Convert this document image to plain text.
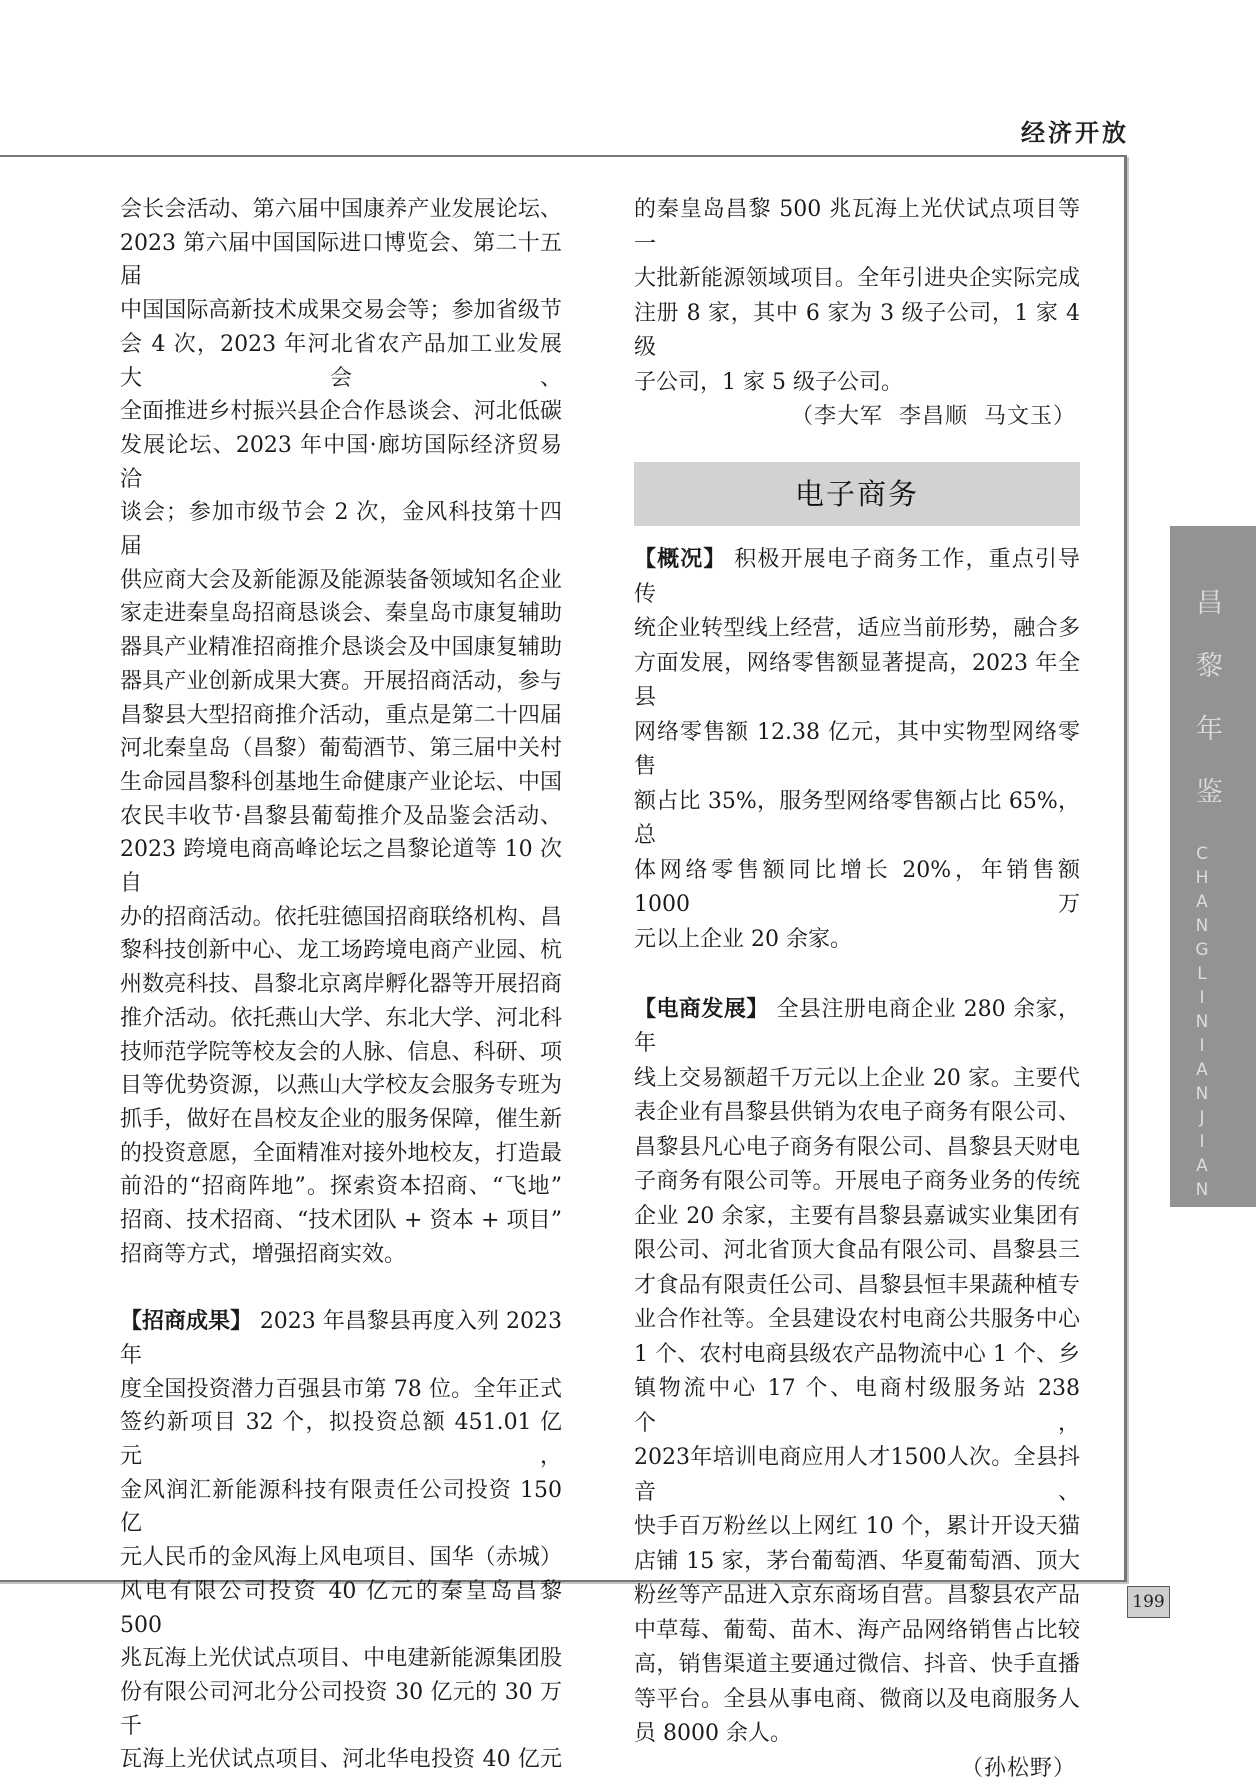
经济开放
会长会活动、第六届中国康养产业发展论坛、
2023 第六届中国国际进口博览会、第二十五届
中国国际高新技术成果交易会等；参加省级节
会 4 次，2023 年河北省农产品加工业发展大会、
全面推进乡村振兴县企合作恳谈会、河北低碳
发展论坛、2023 年中国·廊坊国际经济贸易洽
谈会；参加市级节会 2 次，金风科技第十四届
供应商大会及新能源及能源装备领域知名企业
家走进秦皇岛招商恳谈会、秦皇岛市康复辅助
器具产业精准招商推介恳谈会及中国康复辅助
器具产业创新成果大赛。开展招商活动，参与
昌黎县大型招商推介活动，重点是第二十四届
河北秦皇岛（昌黎）葡萄酒节、第三届中关村
生命园昌黎科创基地生命健康产业论坛、中国
农民丰收节·昌黎县葡萄推介及品鉴会活动、
2023 跨境电商高峰论坛之昌黎论道等 10 次自
办的招商活动。依托驻德国招商联络机构、昌
黎科技创新中心、龙工场跨境电商产业园、杭
州数亮科技、昌黎北京离岸孵化器等开展招商
推介活动。依托燕山大学、东北大学、河北科
技师范学院等校友会的人脉、信息、科研、项
目等优势资源，以燕山大学校友会服务专班为
抓手，做好在昌校友企业的服务保障，催生新
的投资意愿，全面精准对接外地校友，打造最
前沿的“招商阵地”。探索资本招商、“飞地”
招商、技术招商、“技术团队 + 资本 + 项目”
招商等方式，增强招商实效。
【招商成果】 2023 年昌黎县再度入列 2023 年
度全国投资潜力百强县市第 78 位。全年正式
签约新项目 32 个，拟投资总额 451.01 亿元，
金风润汇新能源科技有限责任公司投资 150 亿
元人民币的金风海上风电项目、国华（赤城）
风电有限公司投资 40 亿元的秦皇岛昌黎 500
兆瓦海上光伏试点项目、中电建新能源集团股
份有限公司河北分公司投资 30 亿元的 30 万千
瓦海上光伏试点项目、河北华电投资 40 亿元
的秦皇岛昌黎 500 兆瓦海上光伏试点项目等一
大批新能源领域项目。全年引进央企实际完成
注册 8 家，其中 6 家为 3 级子公司，1 家 4 级
子公司，1 家 5 级子公司。
（李大军  李昌顺  马文玉）
电子商务
【概况】 积极开展电子商务工作，重点引导传
统企业转型线上经营，适应当前形势，融合多
方面发展，网络零售额显著提高，2023 年全县
网络零售额 12.38 亿元，其中实物型网络零售
额占比 35%，服务型网络零售额占比 65%，总
体网络零售额同比增长 20%，年销售额 1000 万
元以上企业 20 余家。
【电商发展】 全县注册电商企业 280 余家，年
线上交易额超千万元以上企业 20 家。主要代
表企业有昌黎县供销为农电子商务有限公司、
昌黎县凡心电子商务有限公司、昌黎县天财电
子商务有限公司等。开展电子商务业务的传统
企业 20 余家，主要有昌黎县嘉诚实业集团有
限公司、河北省顶大食品有限公司、昌黎县三
才食品有限责任公司、昌黎县恒丰果蔬种植专
业合作社等。全县建设农村电商公共服务中心
1 个、农村电商县级农产品物流中心 1 个、乡
镇物流中心 17 个、电商村级服务站 238 个，
2023年培训电商应用人才1500人次。全县抖音、
快手百万粉丝以上网红 10 个，累计开设天猫
店铺 15 家，茅台葡萄酒、华夏葡萄酒、顶大
粉丝等产品进入京东商场自营。昌黎县农产品
中草莓、葡萄、苗木、海产品网络销售占比较
高，销售渠道主要通过微信、抖音、快手直播
等平台。全县从事电商、微商以及电商服务人
员 8000 余人。
（孙松野）
昌黎年鉴
CHANGLINIANJIAN
199
